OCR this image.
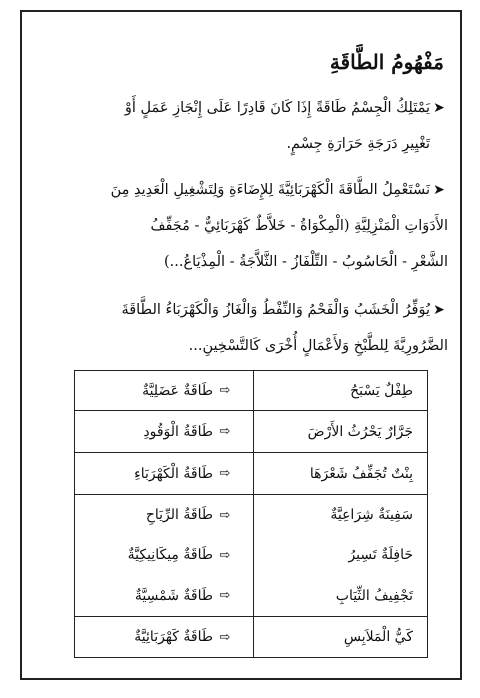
مَفْهُومُ الطَّاقَةِ
➤يَمْتَلِكُ الْجِسْمُ طَاقَةً إِذَا كَانَ قَادِرًا عَلَى إِنْجَازِ عَمَلٍ أَوْ
تَغْيِيرِ دَرَجَةِ حَرَارَةِ جِسْمٍ.
➤نَسْتَعْمِلُ الطَّاقَةَ الْكَهْرَبَائِيَّةَ لِلإِضَاءَةِ وَلِتَشْغِيلِ الْعَدِيدِ مِنَ
الأَدَوَاتِ الْمَنْزِلِيَّةِ (الْمِكْوَاةُ - خَلاَّطٌ كَهْرَبَائِيٌّ - مُجَفِّفُ
الشَّعْرِ - الْحَاسُوبُ - التِّلْفَازُ - الثَّلاَّجَةُ - الْمِذْيَاعُ...)
➤يُوَفِّرُ الْخَشَبُ وَالْفَحْمُ وَالنِّفْطُ وَالْغَازُ وَالْكَهْرَبَاءُ الطَّاقَةَ
الضَّرُورِيَّةَ لِلطَّبْخِ وَلأَعْمَالٍ أُخْرَى كَالتَّسْخِينِ...
طِفْلٌ يَسْبَحُ
⇨
طَاقَةٌ عَضَلِيَّةٌ
جَرَّارٌ يَحْرُثُ الأَرْضَ
⇨
طَاقَةُ الْوَقُودِ
بِنْتٌ تُجَفِّفُ شَعْرَهَا
⇨
طَاقَةُ الْكَهْرَبَاءِ
سَفِينَةٌ شِرَاعِيَّةٌ
⇨
طَاقَةُ الرِّيَاحِ
حَافِلَةٌ تَسِيرُ
⇨
طَاقَةٌ مِيكَانِيكِيَّةٌ
تَجْفِيفُ الثِّيَابِ
⇨
طَاقَةٌ شَمْسِيَّةٌ
كَيُّ الْمَلاَبِسِ
⇨
طَاقَةٌ كَهْرَبَائِيَّةٌ
